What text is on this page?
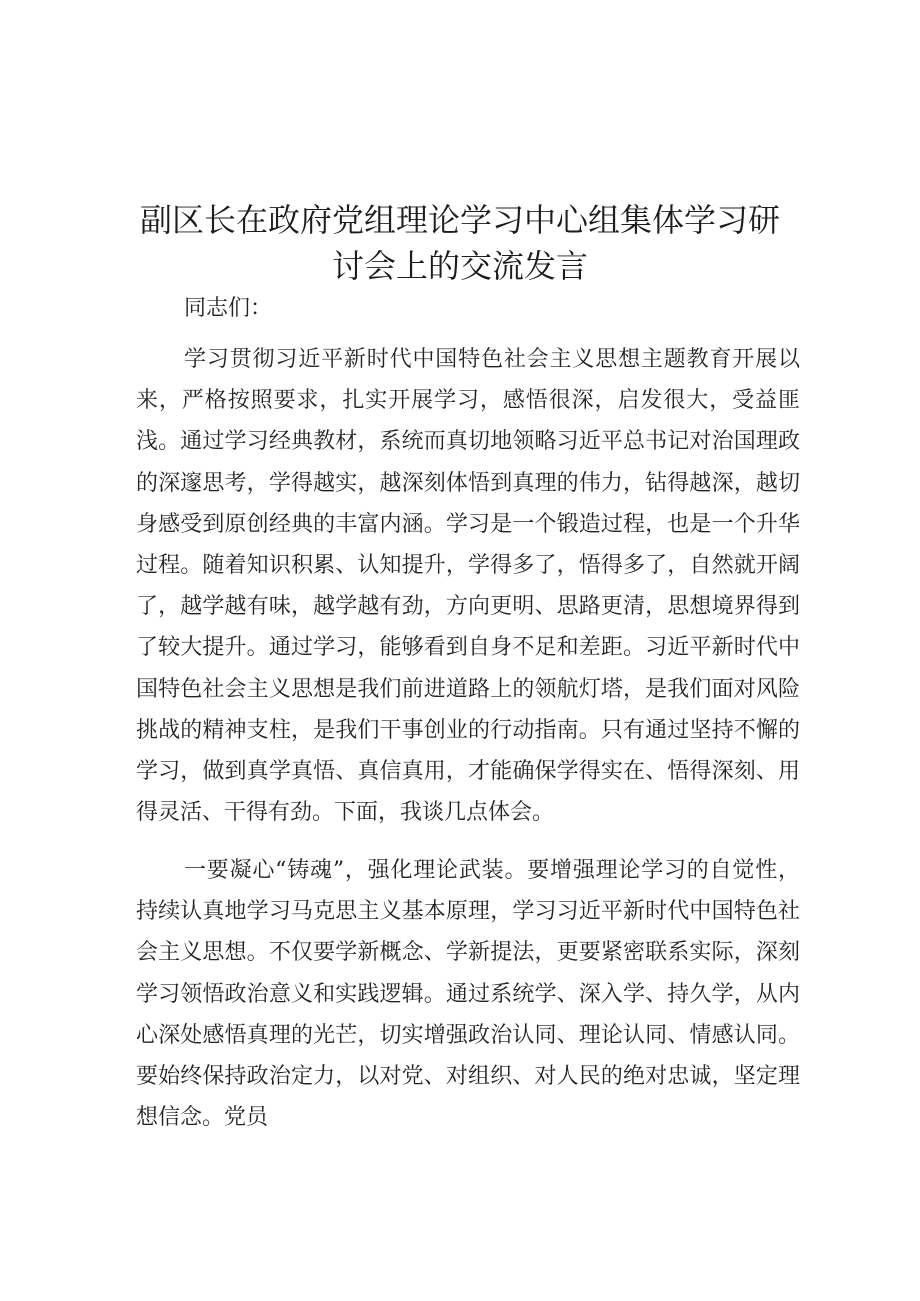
副区长在政府党组理论学习中心组集体学习研
讨会上的交流发言
同志们：

学习贯彻习近平新时代中国特色社会主义思想主题教育开展以来，严格按照要求，扎实开展学习，感悟很深，启发很大，受益匪浅。通过学习经典教材，系统而真切地领略习近平总书记对治国理政的深邃思考，学得越实，越深刻体悟到真理的伟力，钻得越深，越切身感受到原创经典的丰富内涵。学习是一个锻造过程，也是一个升华过程。随着知识积累、认知提升，学得多了，悟得多了，自然就开阔了，越学越有味，越学越有劲，方向更明、思路更清，思想境界得到了较大提升。通过学习，能够看到自身不足和差距。习近平新时代中国特色社会主义思想是我们前进道路上的领航灯塔，是我们面对风险挑战的精神支柱，是我们干事创业的行动指南。只有通过坚持不懈的学习，做到真学真悟、真信真用，才能确保学得实在、悟得深刻、用得灵活、干得有劲。下面，我谈几点体会。

一要凝心“铸魂”，强化理论武装。要增强理论学习的自觉性，持续认真地学习马克思主义基本原理，学习习近平新时代中国特色社会主义思想。不仅要学新概念、学新提法，更要紧密联系实际，深刻学习领悟政治意义和实践逻辑。通过系统学、深入学、持久学，从内心深处感悟真理的光芒，切实增强政治认同、理论认同、情感认同。要始终保持政治定力，以对党、对组织、对人民的绝对忠诚，坚定理想信念。党员
